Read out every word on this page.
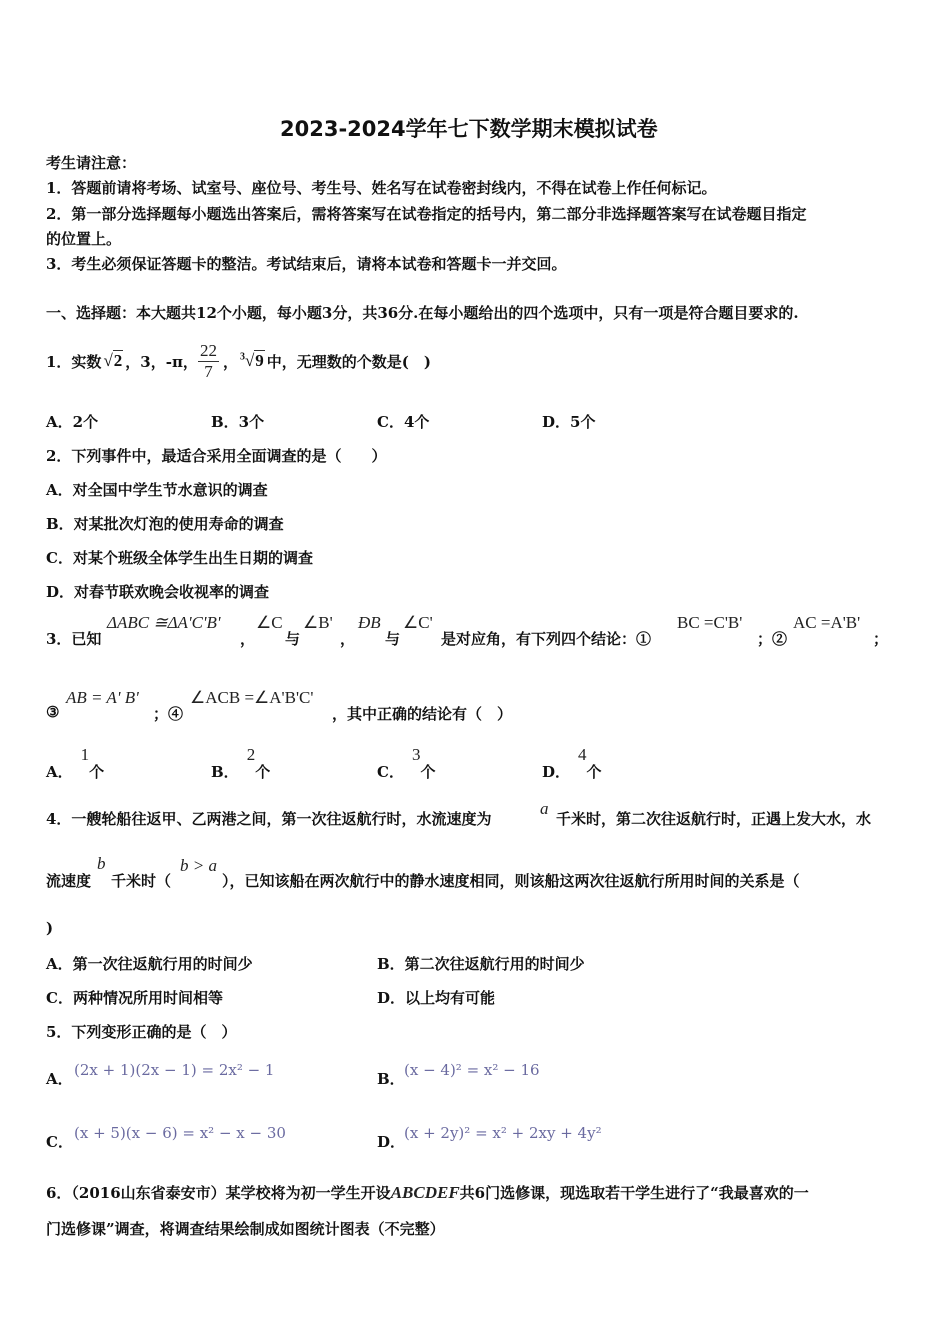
2023-2024学年七下数学期末模拟试卷
考生请注意：
1．答题前请将考场、试室号、座位号、考生号、姓名写在试卷密封线内，不得在试卷上作任何标记。
2．第一部分选择题每小题选出答案后，需将答案写在试卷指定的括号内，第二部分非选择题答案写在试卷题目指定
的位置上。
3．考生必须保证答题卡的整洁。考试结束后，请将本试卷和答题卡一并交回。
一、选择题：本大题共12个小题，每小题3分，共36分.在每小题给出的四个选项中，只有一项是符合题目要求的.
1．实数 √2 ，3，-π， $\frac{22}{7}$ ， $^3$√9 中，无理数的个数是(　)
A．2个	B．3个	C．4个	D．5个
2．下列事件中，最适合采用全面调查的是（　　）
A．对全国中学生节水意识的调查
B．对某批次灯泡的使用寿命的调查
C．对某个班级全体学生出生日期的调查
D．对春节联欢晚会收视率的调查
3．已知
ΔABC ≅ΔA'C'B'
，
∠C
与
∠B'
，
ÐB
与
∠C'
是对应角，有下列四个结论：①
BC =C'B'
；②
AC =A'B'
；
③
AB = A' B'
；④
∠ACB =∠A'B'C'
，其中正确的结论有（　）
A．1个	B．2个	C．3个	D．4个
4．一艘轮船往返甲、乙两港之间，第一次往返航行时，水流速度为
a
千米时，第二次往返航行时，正遇上发大水，水
流速度
b
千米时（
b > a
），已知该船在两次航行中的静水速度相同，则该船这两次往返航行所用时间的关系是（
)
A．第一次往返航行用的时间少	B．第二次往返航行用的时间少
C．两种情况所用时间相等	D．以上均有可能
5．下列变形正确的是（　）
A． (2x + 1)(2x − 1) = 2x² − 1	B． (x − 4)² = x² − 16
C． (x + 5)(x − 6) = x² − x − 30	D．
(x + 2y)² = x² + 2xy + 4y²
6．（2016山东省泰安市）某学校将为初一学生开设ABCDEF共6门选修课，现选取若干学生进行了“我最喜欢的一
门选修课”调查，将调查结果绘制成如图统计图表（不完整）
